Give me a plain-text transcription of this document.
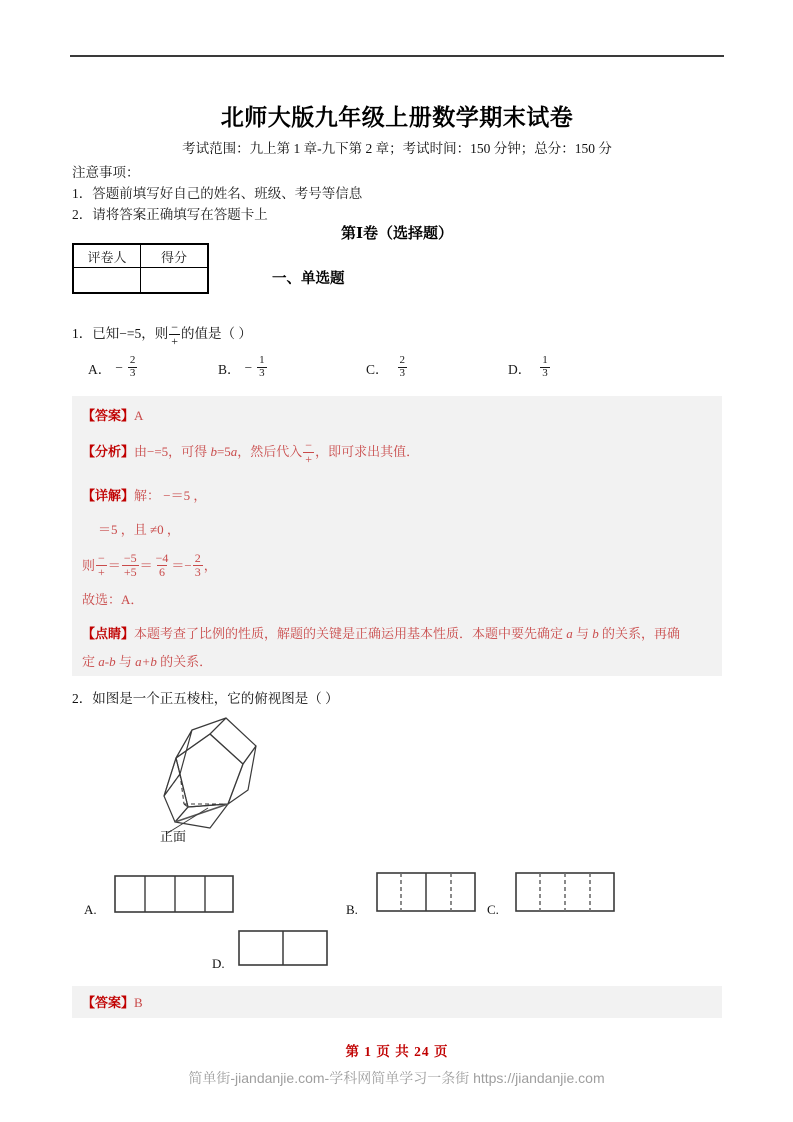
北师大版九年级上册数学期末试卷
考试范围：九上第 1 章-九下第 2 章；考试时间：150 分钟；总分：150 分
注意事项：
1．答题前填写好自己的姓名、班级、考号等信息
2．请将答案正确填写在答题卡上
第Ⅰ卷（选择题）
评卷人	得分

一、单选题
1．已知−=5，则 $\frac{-}{+}$ 的值是（ ）
A． − $\frac{2}{3}$	B． − $\frac{1}{3}$	C． $\frac{2}{3}$	D． $\frac{1}{3}$
【答案】A
【分析】由−=5，可得 b=5a，然后代入 $\frac{-}{+}$ ，即可求出其值．
【详解】解： −＝5 ，
＝5 ，且 ≠0 ，
则 $\frac{-}{+} = \frac{-5}{+5} = \frac{-4}{6} =- \frac{2}{3}$ ，
故选：A．
【点睛】本题考查了比例的性质，解题的关键是正确运用基本性质．本题中要先确定 a 与 b 的关系，再确
定 a-b 与 a+b 的关系．
2．如图是一个正五棱柱，它的俯视图是（ ）
正面
A.	B.	C.
D.
【答案】B
第 1 页 共 24 页
简单街-jiandanjie.com-学科网简单学习一条街 https://jiandanjie.com
